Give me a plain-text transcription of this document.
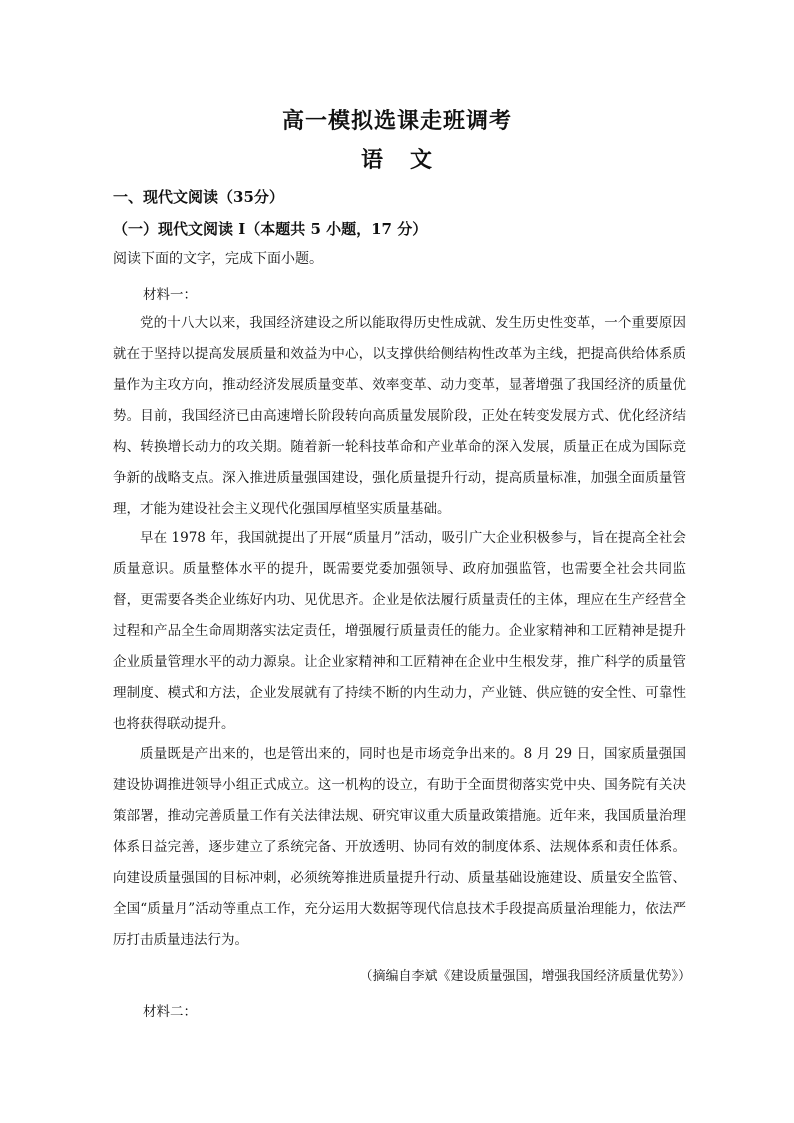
高一模拟选课走班调考
语 文
一、现代文阅读（35分）
（一）现代文阅读 I（本题共 5 小题，17 分）
阅读下面的文字，完成下面小题。
材料一：

党的十八大以来，我国经济建设之所以能取得历史性成就、发生历史性变革，一个重要原因就在于坚持以提高发展质量和效益为中心，以支撑供给侧结构性改革为主线，把提高供给体系质量作为主攻方向，推动经济发展质量变革、效率变革、动力变革，显著增强了我国经济的质量优势。目前，我国经济已由高速增长阶段转向高质量发展阶段，正处在转变发展方式、优化经济结构、转换增长动力的攻关期。随着新一轮科技革命和产业革命的深入发展，质量正在成为国际竞争新的战略支点。深入推进质量强国建设，强化质量提升行动，提高质量标准，加强全面质量管理，才能为建设社会主义现代化强国厚植坚实质量基础。

早在 1978 年，我国就提出了开展“质量月”活动，吸引广大企业积极参与，旨在提高全社会质量意识。质量整体水平的提升，既需要党委加强领导、政府加强监管，也需要全社会共同监督，更需要各类企业练好内功、见优思齐。企业是依法履行质量责任的主体，理应在生产经营全过程和产品全生命周期落实法定责任，增强履行质量责任的能力。企业家精神和工匠精神是提升企业质量管理水平的动力源泉。让企业家精神和工匠精神在企业中生根发芽，推广科学的质量管理制度、模式和方法，企业发展就有了持续不断的内生动力，产业链、供应链的安全性、可靠性也将获得联动提升。

质量既是产出来的，也是管出来的，同时也是市场竞争出来的。8 月 29 日，国家质量强国建设协调推进领导小组正式成立。这一机构的设立，有助于全面贯彻落实党中央、国务院有关决策部署，推动完善质量工作有关法律法规、研究审议重大质量政策措施。近年来，我国质量治理体系日益完善，逐步建立了系统完备、开放透明、协同有效的制度体系、法规体系和责任体系。向建设质量强国的目标冲刺，必须统筹推进质量提升行动、质量基础设施建设、质量安全监管、全国“质量月”活动等重点工作，充分运用大数据等现代信息技术手段提高质量治理能力，依法严厉打击质量违法行为。

（摘编自李斌《建设质量强国，增强我国经济质量优势》）
材料二：
